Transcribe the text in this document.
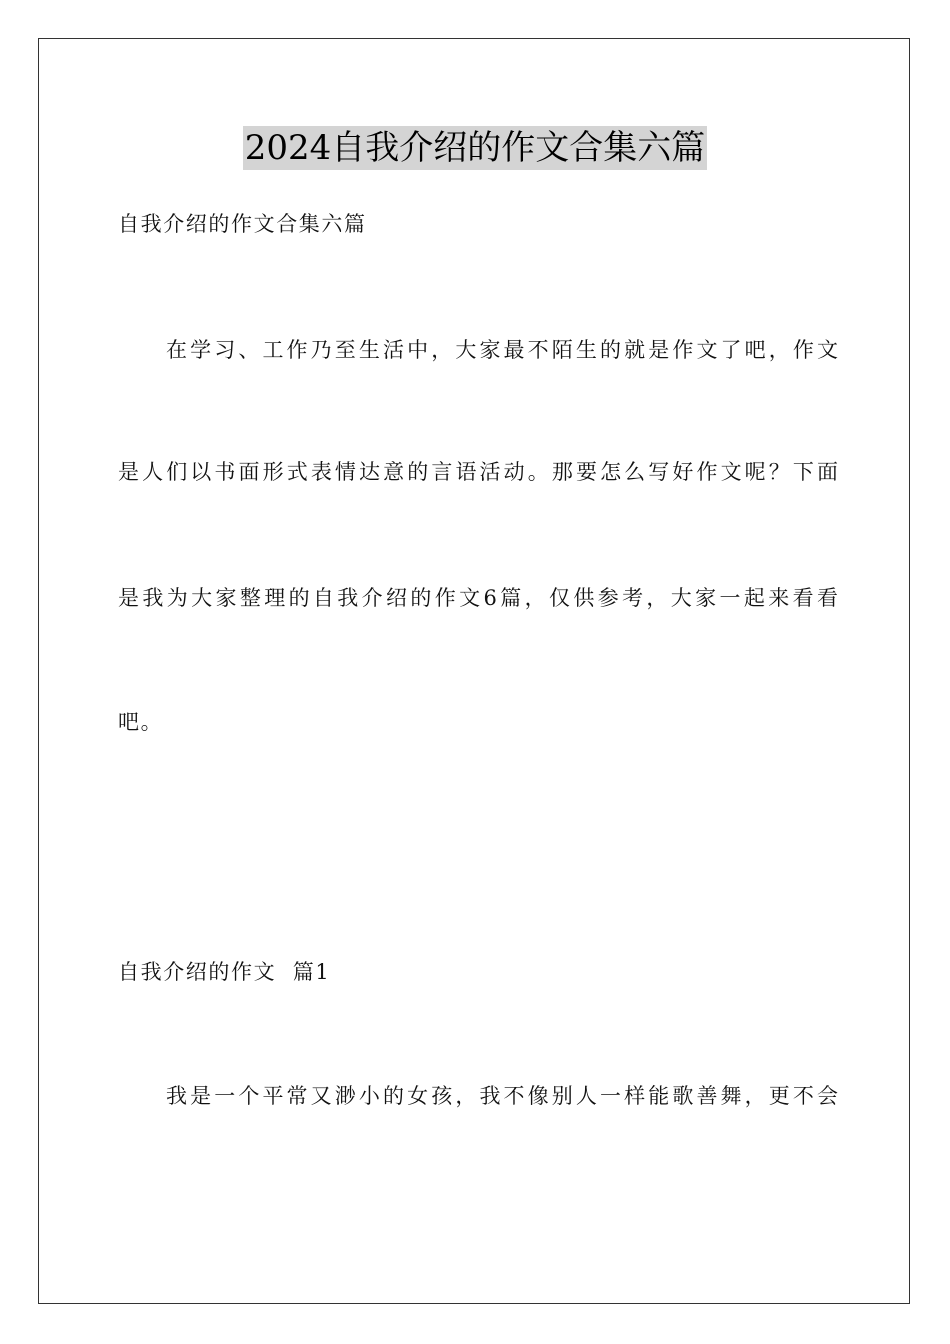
2024自我介绍的作文合集六篇
自我介绍的作文合集六篇
在学习、工作乃至生活中，大家最不陌生的就是作文了吧，作文
是人们以书面形式表情达意的言语活动。那要怎么写好作文呢？下面
是我为大家整理的自我介绍的作文6篇，仅供参考，大家一起来看看
吧。
自我介绍的作文  篇1
我是一个平常又渺小的女孩，我不像别人一样能歌善舞，更不会
